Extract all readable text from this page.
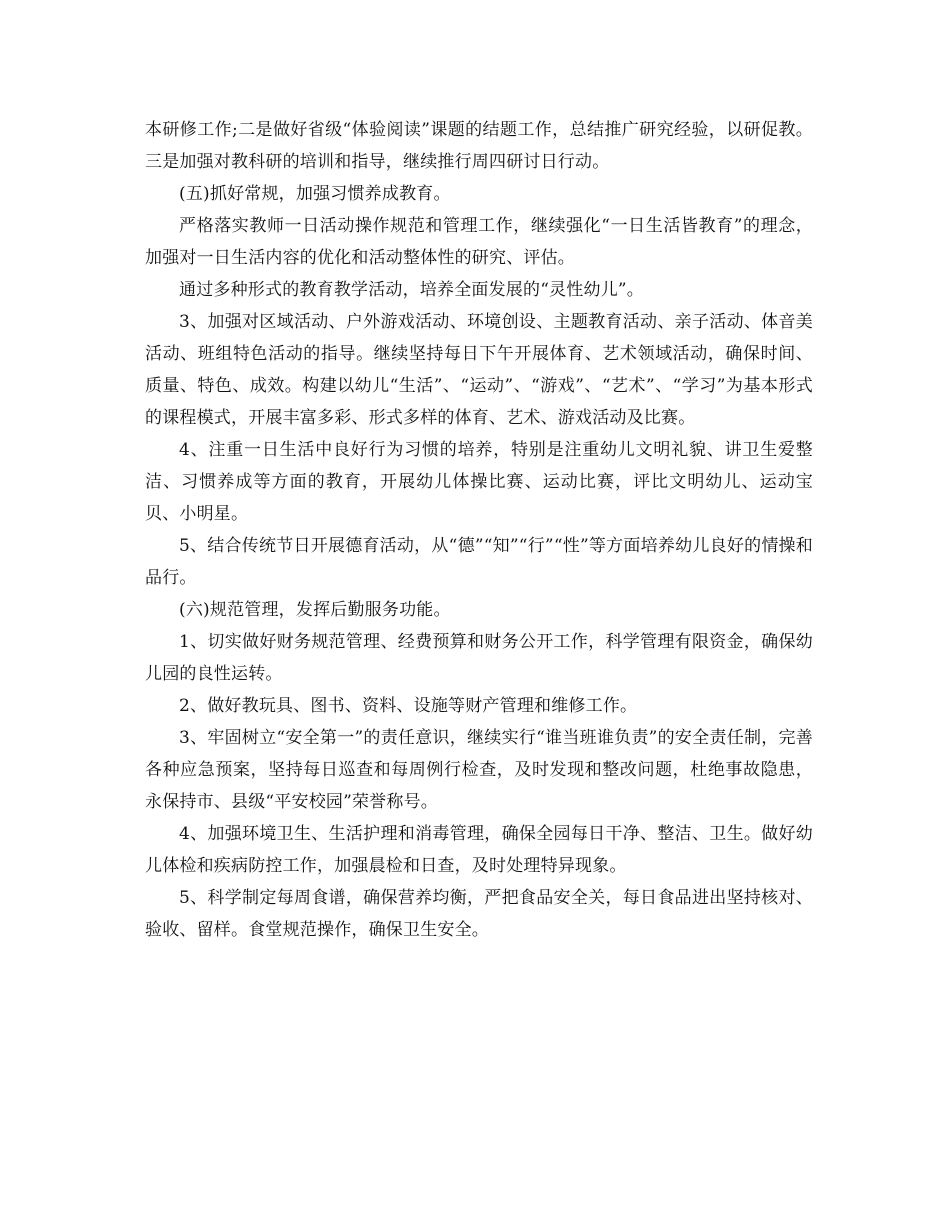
本研修工作;二是做好省级“体验阅读”课题的结题工作，总结推广研究经验，以研促教。三是加强对教科研的培训和指导，继续推行周四研讨日行动。

(五)抓好常规，加强习惯养成教育。

严格落实教师一日活动操作规范和管理工作，继续强化“一日生活皆教育”的理念，加强对一日生活内容的优化和活动整体性的研究、评估。

通过多种形式的教育教学活动，培养全面发展的“灵性幼儿”。

3、加强对区域活动、户外游戏活动、环境创设、主题教育活动、亲子活动、体音美活动、班组特色活动的指导。继续坚持每日下午开展体育、艺术领域活动，确保时间、质量、特色、成效。构建以幼儿“生活”、“运动”、“游戏”、“艺术”、“学习”为基本形式的课程模式，开展丰富多彩、形式多样的体育、艺术、游戏活动及比赛。

4、注重一日生活中良好行为习惯的培养，特别是注重幼儿文明礼貌、讲卫生爱整洁、习惯养成等方面的教育，开展幼儿体操比赛、运动比赛，评比文明幼儿、运动宝贝、小明星。

5、结合传统节日开展德育活动，从“德”“知”“行”“性”等方面培养幼儿良好的情操和品行。

(六)规范管理，发挥后勤服务功能。

1、切实做好财务规范管理、经费预算和财务公开工作，科学管理有限资金，确保幼儿园的良性运转。

2、做好教玩具、图书、资料、设施等财产管理和维修工作。

3、牢固树立“安全第一”的责任意识，继续实行“谁当班谁负责”的安全责任制，完善各种应急预案，坚持每日巡查和每周例行检查，及时发现和整改问题，杜绝事故隐患，永保持市、县级“平安校园”荣誉称号。

4、加强环境卫生、生活护理和消毒管理，确保全园每日干净、整洁、卫生。做好幼儿体检和疾病防控工作，加强晨检和日查，及时处理特异现象。

5、科学制定每周食谱，确保营养均衡，严把食品安全关，每日食品进出坚持核对、验收、留样。食堂规范操作，确保卫生安全。
